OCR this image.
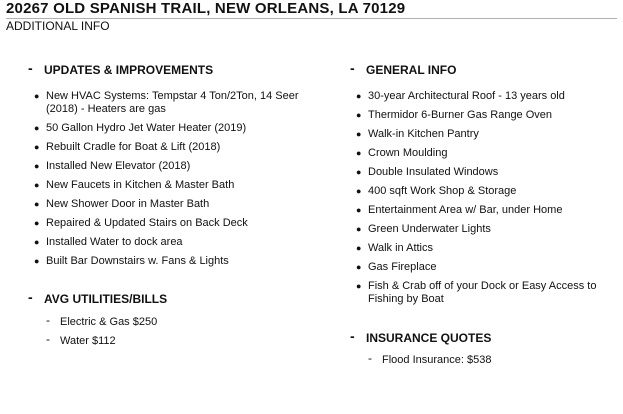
20267 OLD SPANISH TRAIL, NEW ORLEANS, LA 70129
ADDITIONAL INFO
- UPDATES & IMPROVEMENTS
● New HVAC Systems: Tempstar 4 Ton/2Ton, 14 Seer (2018) - Heaters are gas
● 50 Gallon Hydro Jet Water Heater (2019)
● Rebuilt Cradle for Boat & Lift (2018)
● Installed New Elevator (2018)
● New Faucets in Kitchen & Master Bath
● New Shower Door in Master Bath
● Repaired & Updated Stairs on Back Deck
● Installed Water to dock area
● Built Bar Downstairs w. Fans & Lights
- AVG UTILITIES/BILLS
- Electric & Gas $250
- Water $112
- GENERAL INFO
● 30-year Architectural Roof - 13 years old
● Thermidor 6-Burner Gas Range Oven
● Walk-in Kitchen Pantry
● Crown Moulding
● Double Insulated Windows
● 400 sqft Work Shop & Storage
● Entertainment Area w/ Bar, under Home
● Green Underwater Lights
● Walk in Attics
● Gas Fireplace
● Fish & Crab off of your Dock or Easy Access to Fishing by Boat
- INSURANCE QUOTES
- Flood Insurance: $538
